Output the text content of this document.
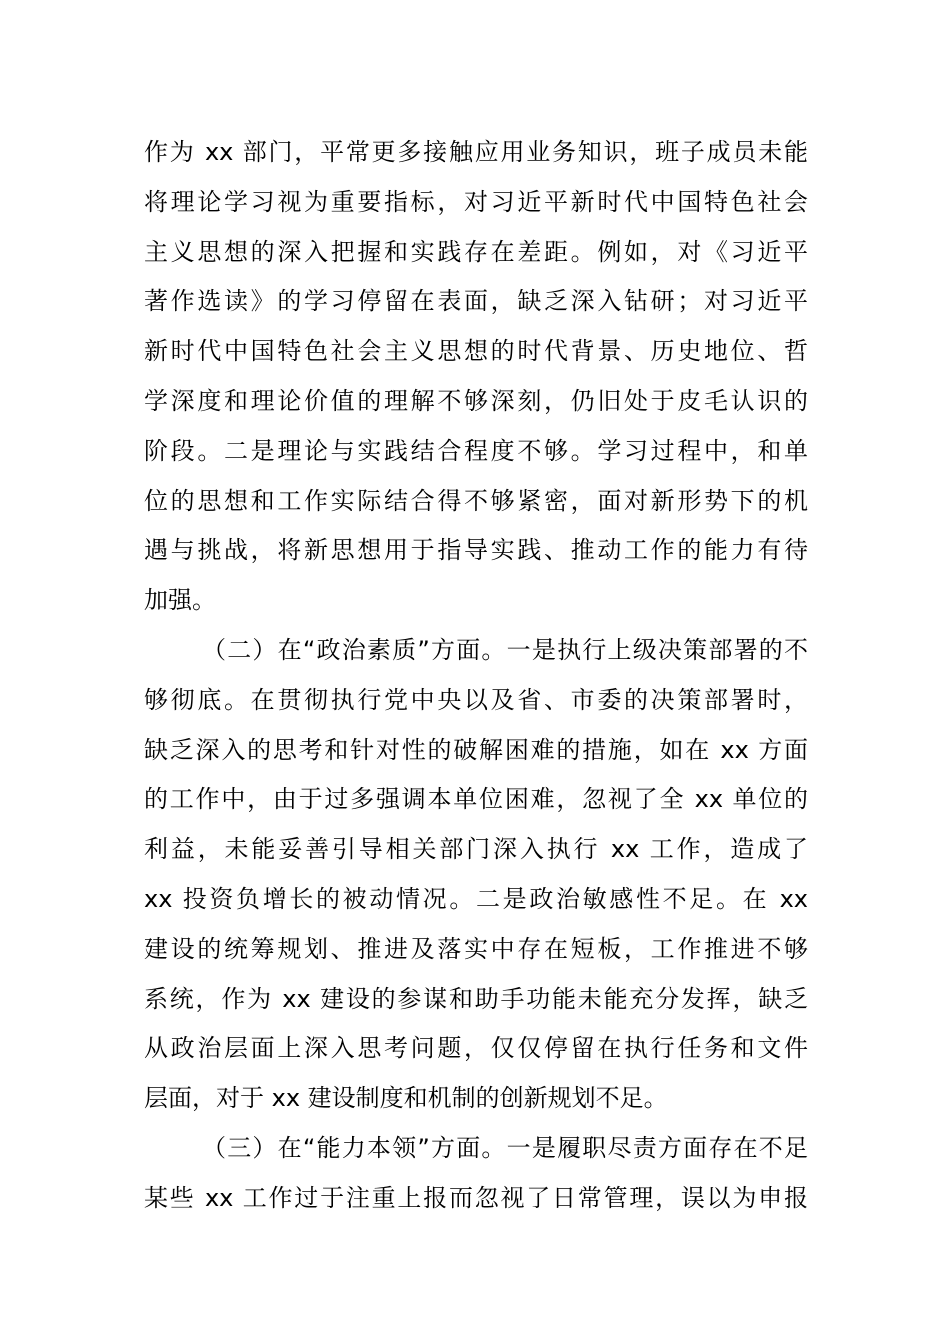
作为 xx 部门，平常更多接触应用业务知识，班子成员未能
将理论学习视为重要指标，对习近平新时代中国特色社会
主义思想的深入把握和实践存在差距。例如，对《习近平
著作选读》的学习停留在表面，缺乏深入钻研；对习近平
新时代中国特色社会主义思想的时代背景、历史地位、哲
学深度和理论价值的理解不够深刻，仍旧处于皮毛认识的
阶段。二是理论与实践结合程度不够。学习过程中，和单
位的思想和工作实际结合得不够紧密，面对新形势下的机
遇与挑战，将新思想用于指导实践、推动工作的能力有待
加强。
（二）在“政治素质”方面。一是执行上级决策部署的不
够彻底。在贯彻执行党中央以及省、市委的决策部署时，
缺乏深入的思考和针对性的破解困难的措施，如在 xx 方面
的工作中，由于过多强调本单位困难，忽视了全 xx 单位的
利益，未能妥善引导相关部门深入执行 xx 工作，造成了
xx 投资负增长的被动情况。二是政治敏感性不足。在 xx
建设的统筹规划、推进及落实中存在短板，工作推进不够
系统，作为 xx 建设的参谋和助手功能未能充分发挥，缺乏
从政治层面上深入思考问题，仅仅停留在执行任务和文件
层面，对于 xx 建设制度和机制的创新规划不足。
（三）在“能力本领”方面。一是履职尽责方面存在不足
某些 xx 工作过于注重上报而忽视了日常管理，误以为申报
